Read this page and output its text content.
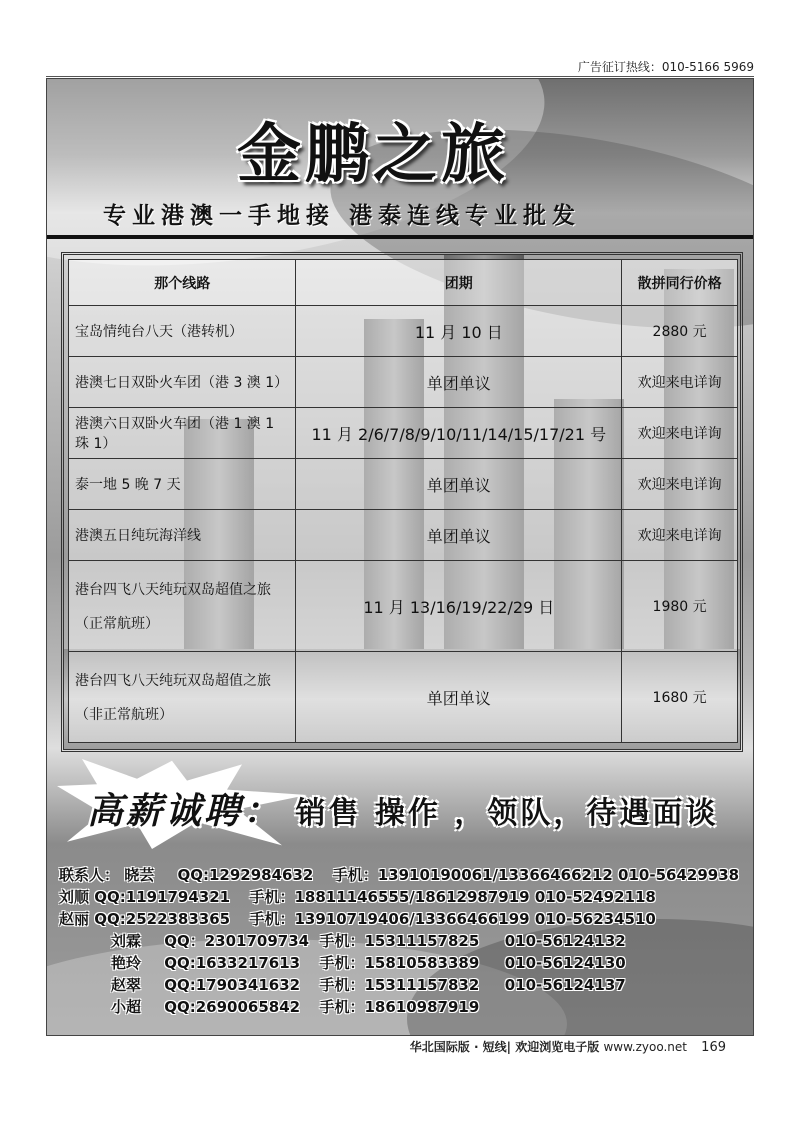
广告征订热线：010-5166 5969
金鹏之旅
专业港澳一手地接 港泰连线专业批发
那个线路	团期	散拼同行价格
宝岛情纯台八天（港转机）	11 月 10 日	2880 元
港澳七日双卧火车团（港 3 澳 1）	单团单议	欢迎来电详询
港澳六日双卧火车团（港 1 澳 1 珠 1）	11 月 2/6/7/8/9/10/11/14/15/17/21 号	欢迎来电详询
泰一地 5 晚 7 天	单团单议	欢迎来电详询
港澳五日纯玩海洋线	单团单议	欢迎来电详询
港台四飞八天纯玩双岛超值之旅
（正常航班）	11 月 13/16/19/22/29 日	1980 元
港台四飞八天纯玩双岛超值之旅
（非正常航班）	单团单议	1680 元
高薪诚聘： 销售 操作 ，领队，待遇面谈
联系人： 晓芸 QQ:1292984632 手机：13910190061/13366466212 010-56429938
刘顺 QQ:1191794321 手机：18811146555/18612987919 010-52492118
赵丽 QQ:2522383365 手机：13910719406/13366466199 010-56234510
刘霖 QQ：2301709734 手机：15311157825 010-56124132
艳玲 QQ:1633217613 手机：15810583389 010-56124130
赵翠 QQ:1790341632 手机：15311157832 010-56124137
小超 QQ:2690065842 手机：18610987919
华北国际版 · 短线| 欢迎浏览电子版 www.zyoo.net 169
